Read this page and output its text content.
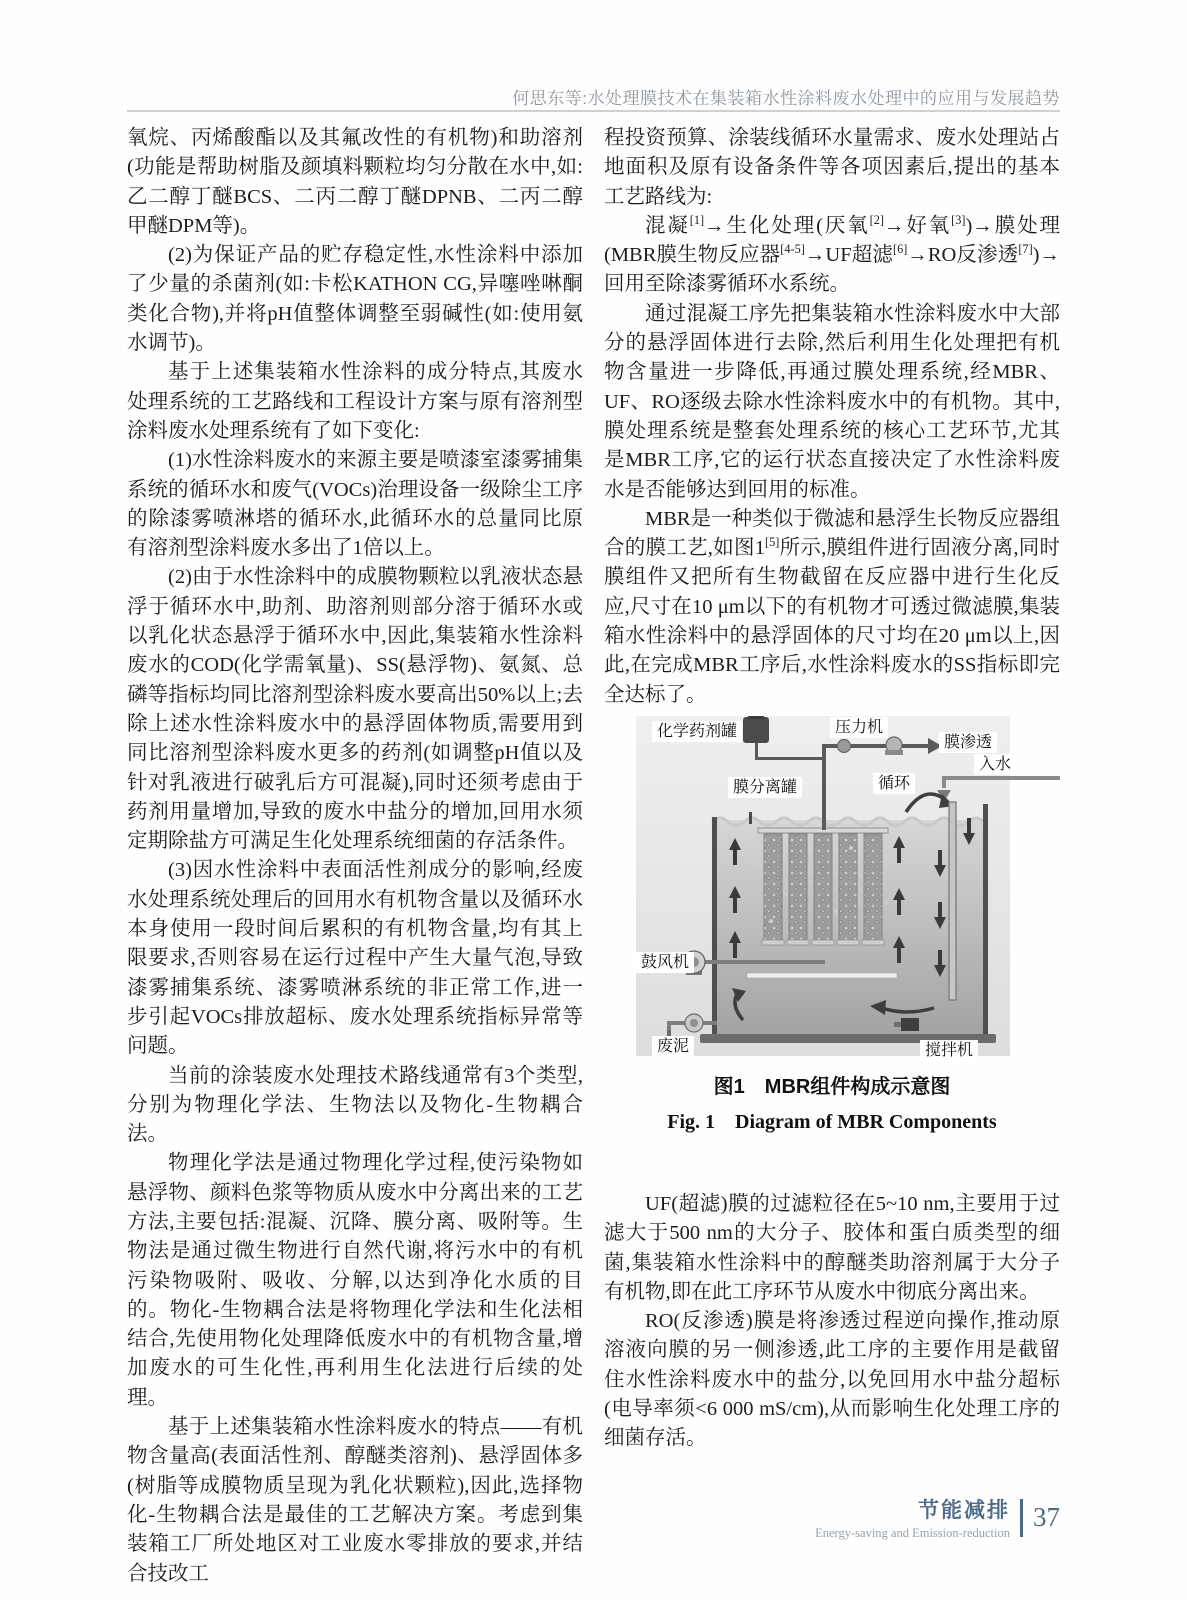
何思东等:水处理膜技术在集装箱水性涂料废水处理中的应用与发展趋势

氧烷、丙烯酸酯以及其氟改性的有机物)和助溶剂(功能是帮助树脂及颜填料颗粒均匀分散在水中,如:乙二醇丁醚BCS、二丙二醇丁醚DPNB、二丙二醇甲醚DPM等)。

(2)为保证产品的贮存稳定性,水性涂料中添加了少量的杀菌剂(如:卡松KATHON CG,异噻唑啉酮类化合物),并将pH值整体调整至弱碱性(如:使用氨水调节)。

基于上述集装箱水性涂料的成分特点,其废水处理系统的工艺路线和工程设计方案与原有溶剂型涂料废水处理系统有了如下变化:

(1)水性涂料废水的来源主要是喷漆室漆雾捕集系统的循环水和废气(VOCs)治理设备一级除尘工序的除漆雾喷淋塔的循环水,此循环水的总量同比原有溶剂型涂料废水多出了1倍以上。

(2)由于水性涂料中的成膜物颗粒以乳液状态悬浮于循环水中,助剂、助溶剂则部分溶于循环水或以乳化状态悬浮于循环水中,因此,集装箱水性涂料废水的COD(化学需氧量)、SS(悬浮物)、氨氮、总磷等指标均同比溶剂型涂料废水要高出50%以上;去除上述水性涂料废水中的悬浮固体物质,需要用到同比溶剂型涂料废水更多的药剂(如调整pH值以及针对乳液进行破乳后方可混凝),同时还须考虑由于药剂用量增加,导致的废水中盐分的增加,回用水须定期除盐方可满足生化处理系统细菌的存活条件。

(3)因水性涂料中表面活性剂成分的影响,经废水处理系统处理后的回用水有机物含量以及循环水本身使用一段时间后累积的有机物含量,均有其上限要求,否则容易在运行过程中产生大量气泡,导致漆雾捕集系统、漆雾喷淋系统的非正常工作,进一步引起VOCs排放超标、废水处理系统指标异常等问题。

当前的涂装废水处理技术路线通常有3个类型,分别为物理化学法、生物法以及物化-生物耦合法。

物理化学法是通过物理化学过程,使污染物如悬浮物、颜料色浆等物质从废水中分离出来的工艺方法,主要包括:混凝、沉降、膜分离、吸附等。生物法是通过微生物进行自然代谢,将污水中的有机污染物吸附、吸收、分解,以达到净化水质的目的。物化-生物耦合法是将物理化学法和生化法相结合,先使用物化处理降低废水中的有机物含量,增加废水的可生化性,再利用生化法进行后续的处理。

基于上述集装箱水性涂料废水的特点——有机物含量高(表面活性剂、醇醚类溶剂)、悬浮固体多(树脂等成膜物质呈现为乳化状颗粒),因此,选择物化-生物耦合法是最佳的工艺解决方案。考虑到集装箱工厂所处地区对工业废水零排放的要求,并结合技改工

程投资预算、涂装线循环水量需求、废水处理站占地面积及原有设备条件等各项因素后,提出的基本工艺路线为:

混凝[1]→生化处理(厌氧[2]→好氧[3])→膜处理(MBR膜生物反应器[4-5]→UF超滤[6]→RO反渗透[7])→回用至除漆雾循环水系统。

通过混凝工序先把集装箱水性涂料废水中大部分的悬浮固体进行去除,然后利用生化处理把有机物含量进一步降低,再通过膜处理系统,经MBR、UF、RO逐级去除水性涂料废水中的有机物。其中,膜处理系统是整套处理系统的核心工艺环节,尤其是MBR工序,它的运行状态直接决定了水性涂料废水是否能够达到回用的标准。

MBR是一种类似于微滤和悬浮生长物反应器组合的膜工艺,如图1[5]所示,膜组件进行固液分离,同时膜组件又把所有生物截留在反应器中进行生化反应,尺寸在10 μm以下的有机物才可透过微滤膜,集装箱水性涂料中的悬浮固体的尺寸均在20 μm以上,因此,在完成MBR工序后,水性涂料废水的SS指标即完全达标了。

化学药剂罐	压力机
膜渗透
入水
膜分离罐	循环
鼓风机
废泥	搅拌机
图1　MBR组件构成示意图
Fig. 1　Diagram of MBR Components

UF(超滤)膜的过滤粒径在5~10 nm,主要用于过滤大于500 nm的大分子、胶体和蛋白质类型的细菌,集装箱水性涂料中的醇醚类助溶剂属于大分子有机物,即在此工序环节从废水中彻底分离出来。

RO(反渗透)膜是将渗透过程逆向操作,推动原溶液向膜的另一侧渗透,此工序的主要作用是截留住水性涂料废水中的盐分,以免回用水中盐分超标(电导率须<6 000 mS/cm),从而影响生化处理工序的细菌存活。

节能减排
Energy-saving and Emission-reduction
37
